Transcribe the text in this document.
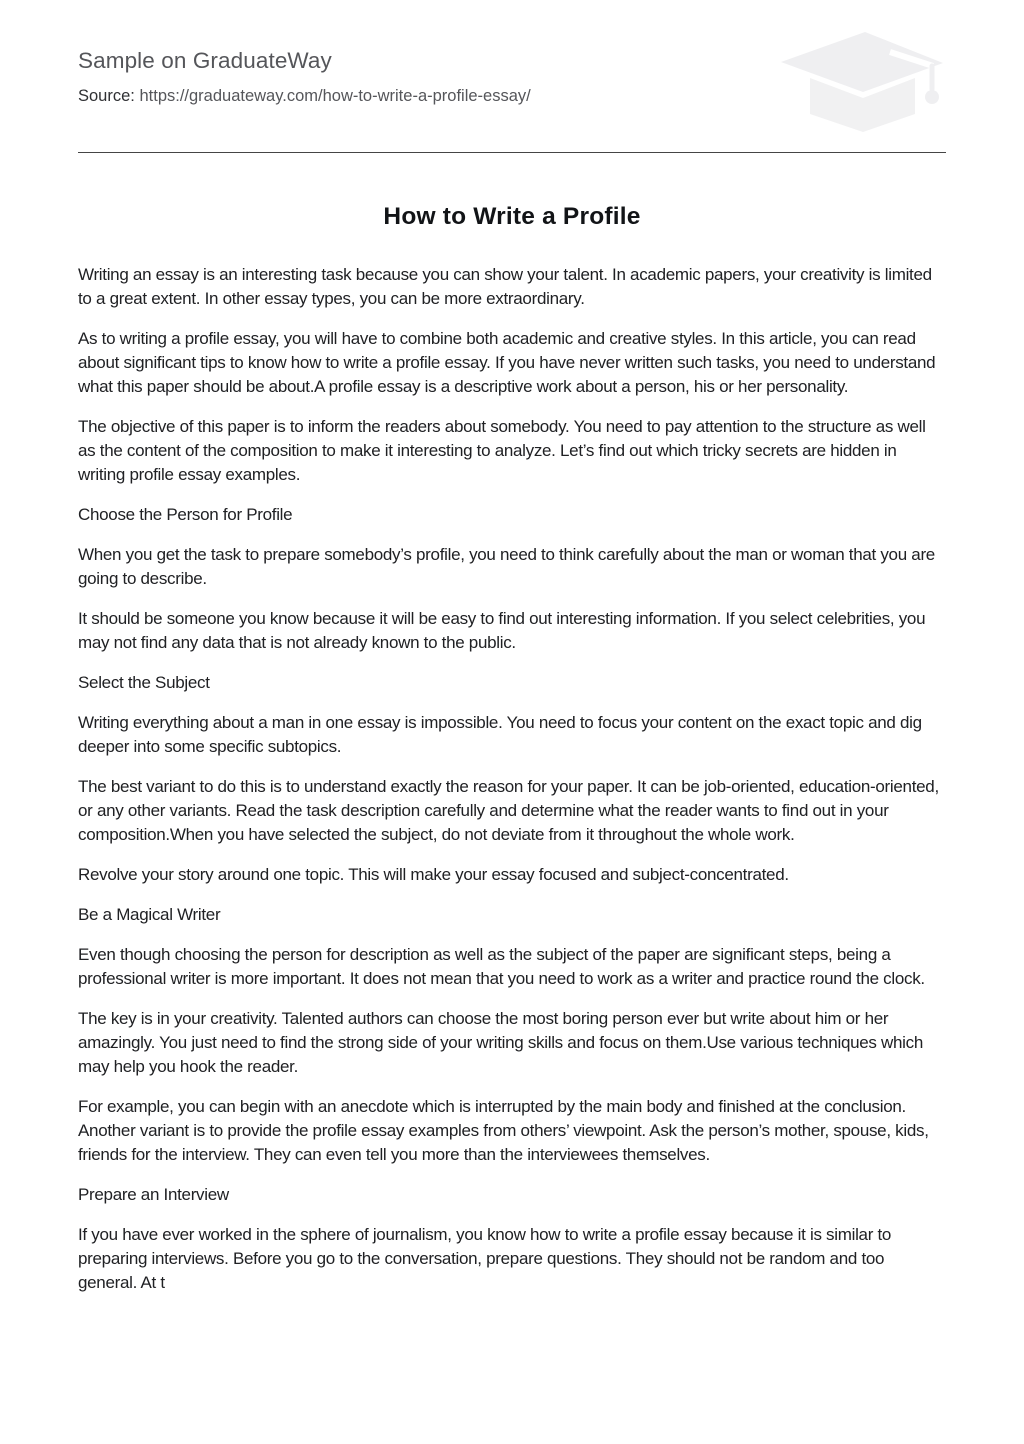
Sample on GraduateWay
Source: https://graduateway.com/how-to-write-a-profile-essay/
How to Write a Profile

Writing an essay is an interesting task because you can show your talent. In academic papers, your creativity is limited to a great extent. In other essay types, you can be more extraordinary.

As to writing a profile essay, you will have to combine both academic and creative styles. In this article, you can read about significant tips to know how to write a profile essay. If you have never written such tasks, you need to understand what this paper should be about.A profile essay is a descriptive work about a person, his or her personality.

The objective of this paper is to inform the readers about somebody. You need to pay attention to the structure as well as the content of the composition to make it interesting to analyze. Let’s find out which tricky secrets are hidden in writing profile essay examples.

Choose the Person for Profile

When you get the task to prepare somebody’s profile, you need to think carefully about the man or woman that you are going to describe.

It should be someone you know because it will be easy to find out interesting information. If you select celebrities, you may not find any data that is not already known to the public.

Select the Subject

Writing everything about a man in one essay is impossible. You need to focus your content on the exact topic and dig deeper into some specific subtopics.

The best variant to do this is to understand exactly the reason for your paper. It can be job-oriented, education-oriented, or any other variants. Read the task description carefully and determine what the reader wants to find out in your composition.When you have selected the subject, do not deviate from it throughout the whole work.

Revolve your story around one topic. This will make your essay focused and subject-concentrated.

Be a Magical Writer

Even though choosing the person for description as well as the subject of the paper are significant steps, being a professional writer is more important. It does not mean that you need to work as a writer and practice round the clock.

The key is in your creativity. Talented authors can choose the most boring person ever but write about him or her amazingly. You just need to find the strong side of your writing skills and focus on them.Use various techniques which may help you hook the reader.

For example, you can begin with an anecdote which is interrupted by the main body and finished at the conclusion. Another variant is to provide the profile essay examples from others’ viewpoint. Ask the person’s mother, spouse, kids, friends for the interview. They can even tell you more than the interviewees themselves.

Prepare an Interview

If you have ever worked in the sphere of journalism, you know how to write a profile essay because it is similar to preparing interviews. Before you go to the conversation, prepare questions. They should not be random and too general. At t
